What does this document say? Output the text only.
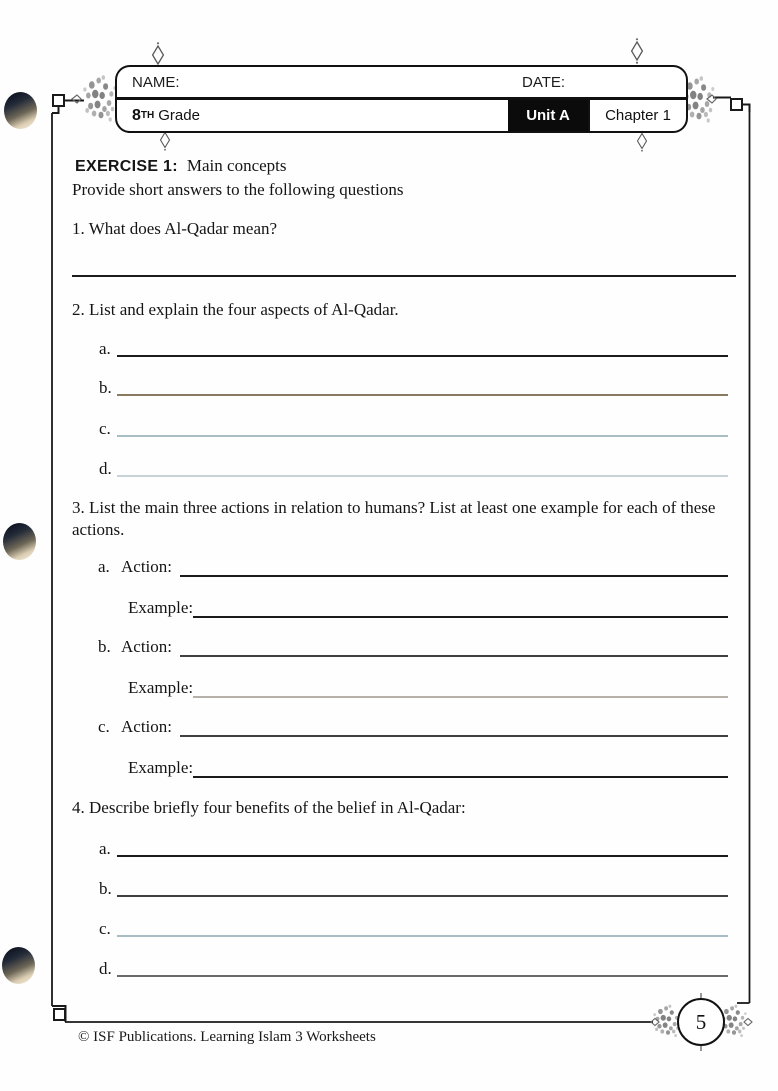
NAME:	DATE:
8 TH Grade	Unit A	Chapter 1
EXERCISE 1: Main concepts
Provide short answers to the following questions
1. What does Al-Qadar mean?
2. List and explain the four aspects of Al-Qadar.
a.
b.
c.
d.
3. List the main three actions in relation to humans? List at least one example for each of these actions.
a. Action:
Example:
b. Action:
Example:
c. Action:
Example:
4. Describe briefly four benefits of the belief in Al-Qadar:
a.
b.
c.
d.
© ISF Publications. Learning Islam 3 Worksheets
5
